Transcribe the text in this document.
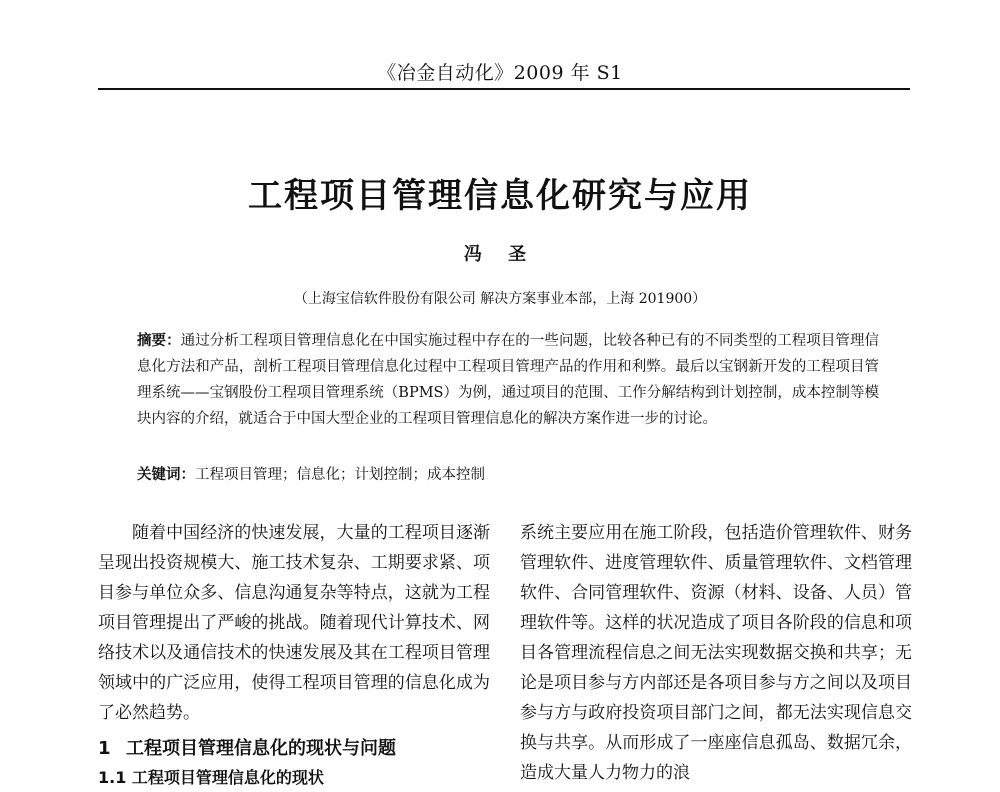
《冶金自动化》2009 年 S1
工程项目管理信息化研究与应用
冯 圣
（上海宝信软件股份有限公司 解决方案事业本部，上海 201900）

摘要：通过分析工程项目管理信息化在中国实施过程中存在的一些问题，比较各种已有的不同类型的工程项目管理信息化方法和产品，剖析工程项目管理信息化过程中工程项目管理产品的作用和利弊。最后以宝钢新开发的工程项目管理系统——宝钢股份工程项目管理系统（BPMS）为例，通过项目的范围、工作分解结构到计划控制，成本控制等模块内容的介绍，就适合于中国大型企业的工程项目管理信息化的解决方案作进一步的讨论。

关键词：工程项目管理；信息化；计划控制；成本控制

随着中国经济的快速发展，大量的工程项目逐渐呈现出投资规模大、施工技术复杂、工期要求紧、项目参与单位众多、信息沟通复杂等特点，这就为工程项目管理提出了严峻的挑战。随着现代计算技术、网络技术以及通信技术的快速发展及其在工程项目管理领域中的广泛应用，使得工程项目管理的信息化成为了必然趋势。

1 工程项目管理信息化的现状与问题
1.1 工程项目管理信息化的现状

系统主要应用在施工阶段，包括造价管理软件、财务管理软件、进度管理软件、质量管理软件、文档管理软件、合同管理软件、资源（材料、设备、人员）管理软件等。这样的状况造成了项目各阶段的信息和项目各管理流程信息之间无法实现数据交换和共享；无论是项目参与方内部还是各项目参与方之间以及项目参与方与政府投资项目部门之间，都无法实现信息交换与共享。从而形成了一座座信息孤岛、数据冗余，造成大量人力物力的浪
